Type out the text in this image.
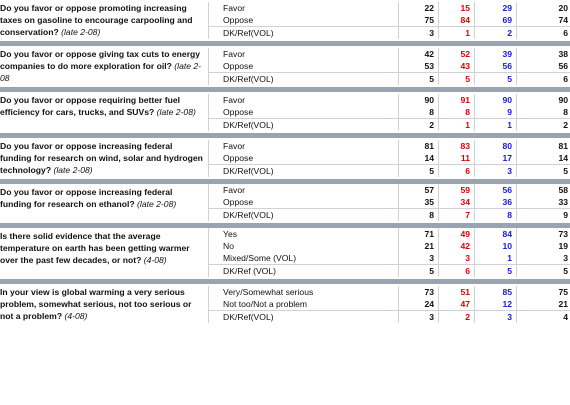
Do you favor or oppose promoting increasing taxes on gasoline to encourage carpooling and conservation? (late 2-08)
Favor	22	15	29	20
Oppose	75	84	69	74
DK/Ref(VOL)	3	1	2	6
Do you favor or oppose giving tax cuts to energy companies to do more exploration for oil? (late 2-08
Favor	42	52	39	38
Oppose	53	43	56	56
DK/Ref(VOL)	5	5	5	6
Do you favor or oppose requiring better fuel efficiency for cars, trucks, and SUVs? (late 2-08)
Favor	90	91	90	90
Oppose	8	8	9	8
DK/Ref(VOL)	2	1	1	2
Do you favor or oppose increasing federal funding for research on wind, solar and hydrogen technology? (late 2-08)
Favor	81	83	80	81
Oppose	14	11	17	14
DK/Ref(VOL)	5	6	3	5
Do you favor or oppose increasing federal funding for research on ethanol? (late 2-08)
Favor	57	59	56	58
Oppose	35	34	36	33
DK/Ref(VOL)	8	7	8	9
Is there solid evidence that the average temperature on earth has been getting warmer over the past few decades, or not? (4-08)
Yes	71	49	84	73
No	21	42	10	19
Mixed/Some (VOL)	3	3	1	3
DK/Ref (VOL)	5	6	5	5
In your view is global warming a very serious problem, somewhat serious, not too serious or not a problem? (4-08)
Very/Somewhat serious	73	51	85	75
Not too/Not a problem	24	47	12	21
DK/Ref(VOL)	3	2	3	4
